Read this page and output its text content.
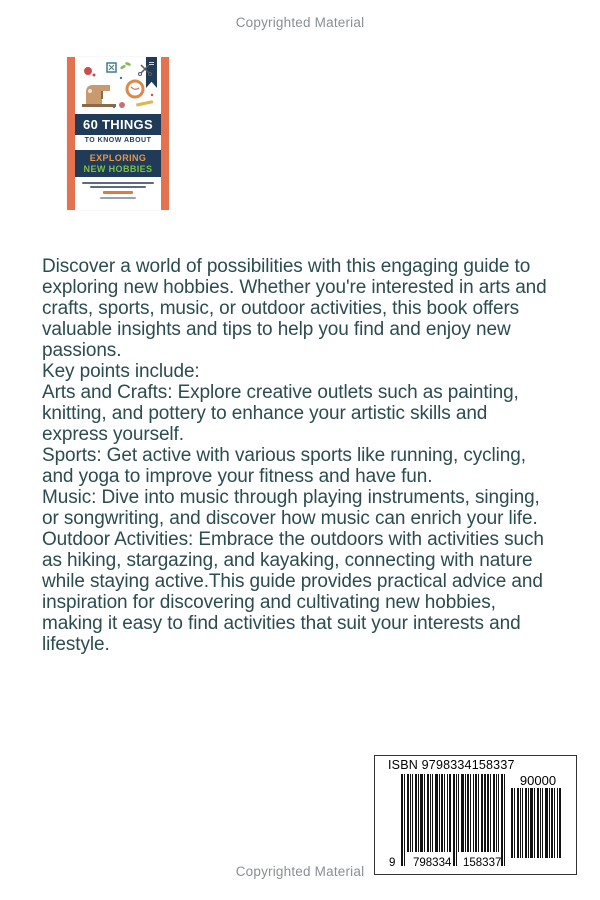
Copyrighted Material
60 THINGS
TO KNOW ABOUT
EXPLORING
NEW HOBBIES
Discover a world of possibilities with this engaging guide to
exploring new hobbies. Whether you're interested in arts and
crafts, sports, music, or outdoor activities, this book offers
valuable insights and tips to help you find and enjoy new
passions.
Key points include:
Arts and Crafts: Explore creative outlets such as painting,
knitting, and pottery to enhance your artistic skills and
express yourself.
Sports: Get active with various sports like running, cycling,
and yoga to improve your fitness and have fun.
Music: Dive into music through playing instruments, singing,
or songwriting, and discover how music can enrich your life.
Outdoor Activities: Embrace the outdoors with activities such
as hiking, stargazing, and kayaking, connecting with nature
while staying active.This guide provides practical advice and
inspiration for discovering and cultivating new hobbies,
making it easy to find activities that suit your interests and
lifestyle.
ISBN 9798334158337
9 798334 158337
90000
Copyrighted Material
